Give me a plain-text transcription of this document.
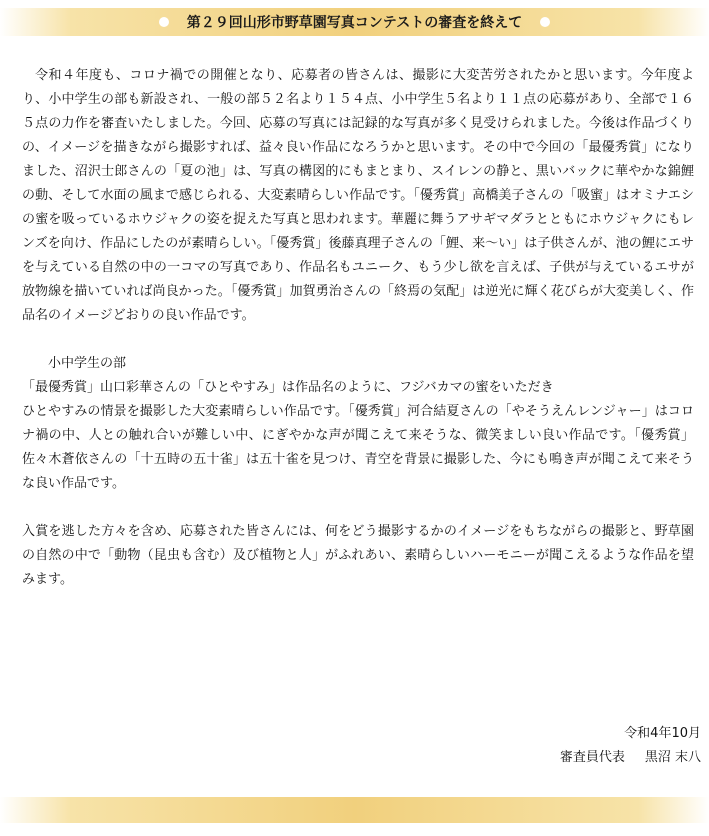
第２９回山形市野草園写真コンテストの審査を終えて

令和４年度も、コロナ禍での開催となり、応募者の皆さんは、撮影に大変苦労されたかと思います。今年度より、小中学生の部も新設され、一般の部５２名より１５４点、小中学生５名より１１点の応募があり、全部で１６５点の力作を審査いたしました。今回、応募の写真には記録的な写真が多く見受けられました。今後は作品づくりの、イメージを描きながら撮影すれば、益々良い作品になろうかと思います。その中で今回の「最優秀賞」になりました、沼沢士郎さんの「夏の池」は、写真の構図的にもまとまり、スイレンの静と、黒いバックに華やかな錦鯉の動、そして水面の風まで感じられる、大変素晴らしい作品です。「優秀賞」高橋美子さんの「吸蜜」はオミナエシの蜜を吸っているホウジャクの姿を捉えた写真と思われます。華麗に舞うアサギマダラとともにホウジャクにもレンズを向け、作品にしたのが素晴らしい。「優秀賞」後藤真理子さんの「鯉、来〜い」は子供さんが、池の鯉にエサを与えている自然の中の一コマの写真であり、作品名もユニーク、もう少し欲を言えば、子供が与えているエサが放物線を描いていれば尚良かった。「優秀賞」加賀勇治さんの「終焉の気配」は逆光に輝く花びらが大変美しく、作品名のイメージどおりの良い作品です。

小中学生の部

「最優秀賞」山口彩華さんの「ひとやすみ」は作品名のように、フジバカマの蜜をいただき
ひとやすみの情景を撮影した大変素晴らしい作品です。「優秀賞」河合結夏さんの「やそうえんレンジャー」はコロナ禍の中、人との触れ合いが難しい中、にぎやかな声が聞こえて来そうな、微笑ましい良い作品です。「優秀賞」佐々木蒼依さんの「十五時の五十雀」は五十雀を見つけ、青空を背景に撮影した、今にも鳴き声が聞こえて来そうな良い作品です。

入賞を逃した方々を含め、応募された皆さんには、何をどう撮影するかのイメージをもちながらの撮影と、野草園の自然の中で「動物（昆虫も含む）及び植物と人」がふれあい、素晴らしいハーモニーが聞こえるような作品を望みます。

令和4年10月
審査員代表 黒沼 末八
